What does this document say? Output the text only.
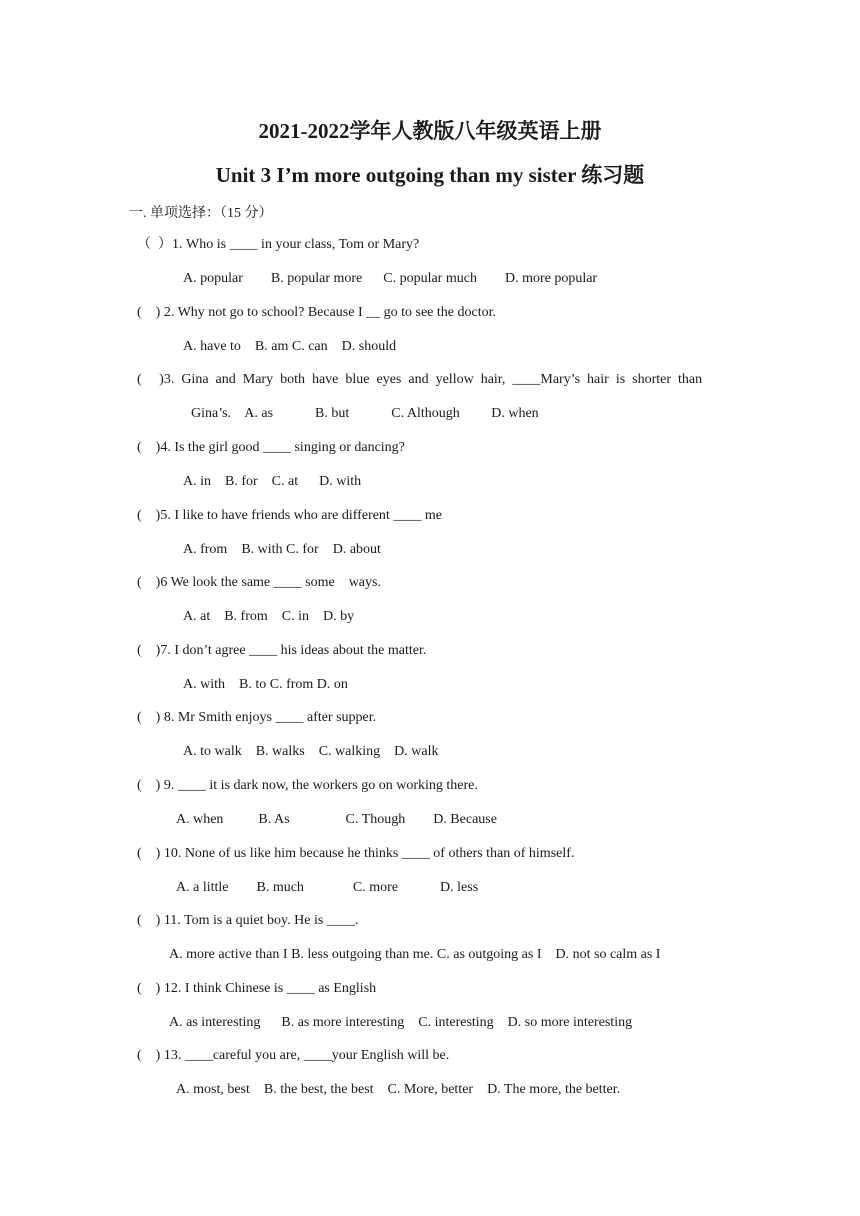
2021-2022学年人教版八年级英语上册
Unit 3 I’m more outgoing than my sister 练习题
一. 单项选择：（15 分）
（  ）1. Who is ____ in your class, Tom or Mary?
A. popular        B. popular more      C. popular much        D. more popular
(    ) 2. Why not go to school? Because I __ go to see the doctor.
A. have to    B. am C. can    D. should
(     )3.  Gina  and  Mary  both  have  blue  eyes  and  yellow  hair,  ____Mary’s  hair  is  shorter  than
Gina’s.    A. as            B. but            C. Although         D. when
(    )4. Is the girl good ____ singing or dancing?
A. in    B. for    C. at      D. with
(    )5. I like to have friends who are different ____ me
A. from    B. with C. for    D. about
(    )6 We look the same ____ some    ways.
A. at    B. from    C. in    D. by
(    )7. I don’t agree ____ his ideas about the matter.
A. with    B. to C. from D. on
(    ) 8. Mr Smith enjoys ____ after supper.
A. to walk    B. walks    C. walking    D. walk
(    ) 9. ____ it is dark now, the workers go on working there.
A. when          B. As                C. Though        D. Because
(    ) 10. None of us like him because he thinks ____ of others than of himself.
A. a little        B. much              C. more            D. less
(    ) 11. Tom is a quiet boy. He is ____.
A. more active than I B. less outgoing than me. C. as outgoing as I    D. not so calm as I
(    ) 12. I think Chinese is ____ as English
A. as interesting      B. as more interesting    C. interesting    D. so more interesting
(    ) 13. ____careful you are, ____your English will be.
A. most, best    B. the best, the best    C. More, better    D. The more, the better.
